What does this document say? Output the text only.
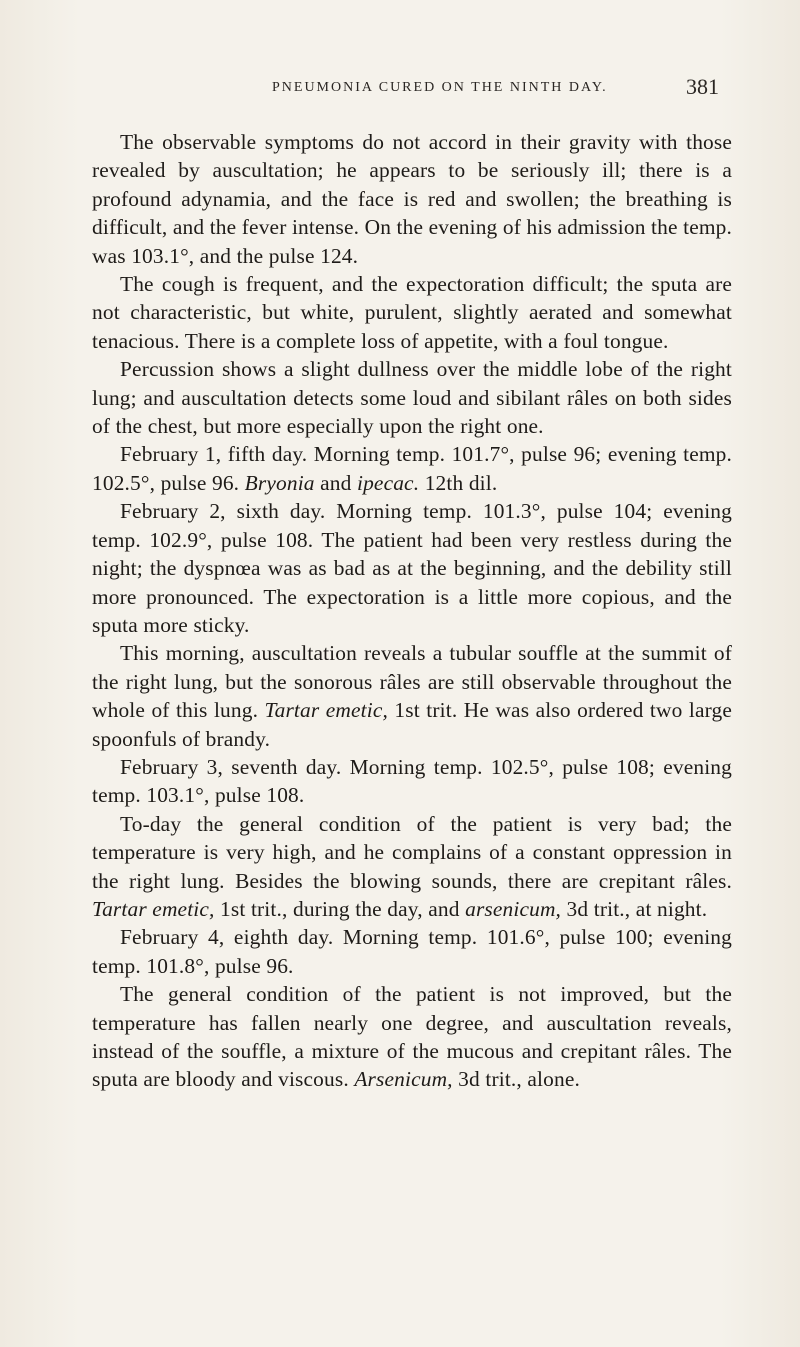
PNEUMONIA CURED ON THE NINTH DAY.	381

The observable symptoms do not accord in their gravity with those revealed by auscultation; he appears to be seriously ill; there is a profound adynamia, and the face is red and swollen; the breathing is difficult, and the fever intense. On the evening of his admission the temp. was 103.1°, and the pulse 124.

The cough is frequent, and the expectoration difficult; the sputa are not characteristic, but white, purulent, slightly aerated and somewhat tenacious. There is a complete loss of appetite, with a foul tongue.

Percussion shows a slight dullness over the middle lobe of the right lung; and auscultation detects some loud and sibilant râles on both sides of the chest, but more especially upon the right one.

February 1, fifth day. Morning temp. 101.7°, pulse 96; evening temp. 102.5°, pulse 96. Bryonia and ipecac. 12th dil.

February 2, sixth day. Morning temp. 101.3°, pulse 104; evening temp. 102.9°, pulse 108. The patient had been very restless during the night; the dyspnœa was as bad as at the beginning, and the debility still more pronounced. The expectoration is a little more copious, and the sputa more sticky.

This morning, auscultation reveals a tubular souffle at the summit of the right lung, but the sonorous râles are still observable throughout the whole of this lung. Tartar emetic, 1st trit. He was also ordered two large spoonfuls of brandy.

February 3, seventh day. Morning temp. 102.5°, pulse 108; evening temp. 103.1°, pulse 108.

To-day the general condition of the patient is very bad; the temperature is very high, and he complains of a constant oppression in the right lung. Besides the blowing sounds, there are crepitant râles. Tartar emetic, 1st trit., during the day, and arsenicum, 3d trit., at night.

February 4, eighth day. Morning temp. 101.6°, pulse 100; evening temp. 101.8°, pulse 96.

The general condition of the patient is not improved, but the temperature has fallen nearly one degree, and auscultation reveals, instead of the souffle, a mixture of the mucous and crepitant râles. The sputa are bloody and viscous. Arsenicum, 3d trit., alone.
